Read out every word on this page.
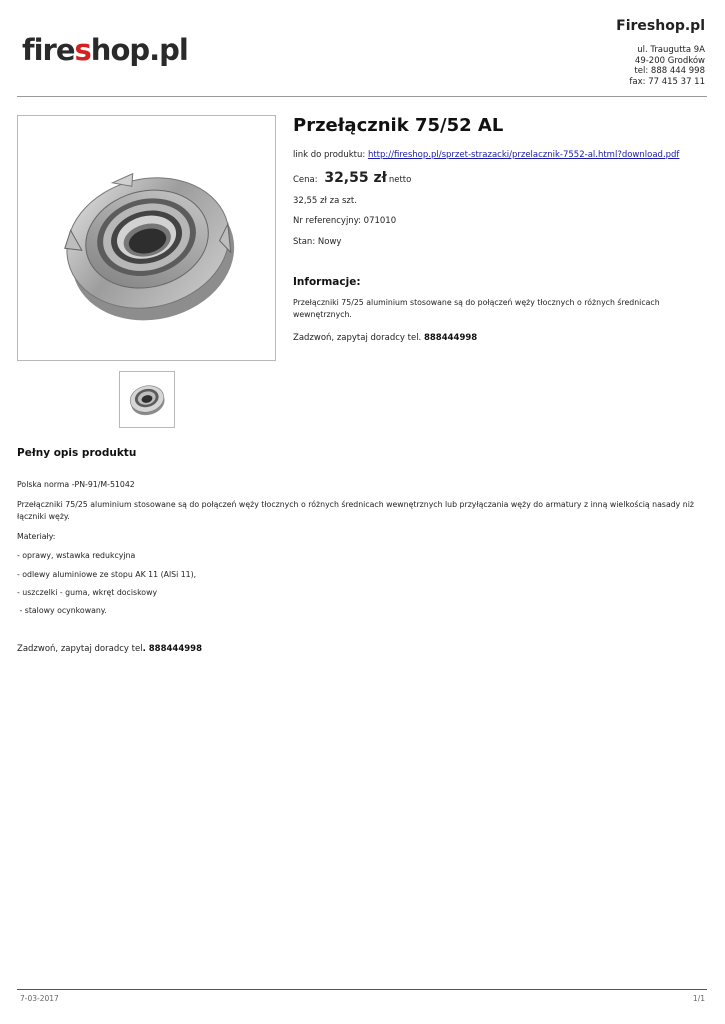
fireshop.pl
Fireshop.pl
ul. Traugutta 9A
49-200 Grodków
tel: 888 444 998
fax: 77 415 37 11
Przełącznik 75/52 AL
link do produktu: http://fireshop.pl/sprzet-strazacki/przelacznik-7552-al.html?download.pdf
Cena: 32,55 zł netto
32,55 zł za szt.
Nr referencyjny: 071010
Stan: Nowy
Informacje:
Przełączniki 75/25 aluminium stosowane są do połączeń węży tłocznych o różnych średnicach wewnętrznych.
Zadzwoń, zapytaj doradcy tel. 888444998
Pełny opis produktu
Polska norma -PN-91/M-51042
Przełączniki 75/25 aluminium stosowane są do połączeń węży tłocznych o różnych średnicach wewnętrznych lub przyłączania węży do armatury z inną wielkością nasady niż łączniki węży.
Materiały:
- oprawy, wstawka redukcyjna
- odlewy aluminiowe ze stopu AK 11 (AlSi 11),
- uszczelki - guma, wkręt dociskowy
- stalowy ocynkowany.
Zadzwoń, zapytaj doradcy tel. 888444998
7-03-2017	1/1
